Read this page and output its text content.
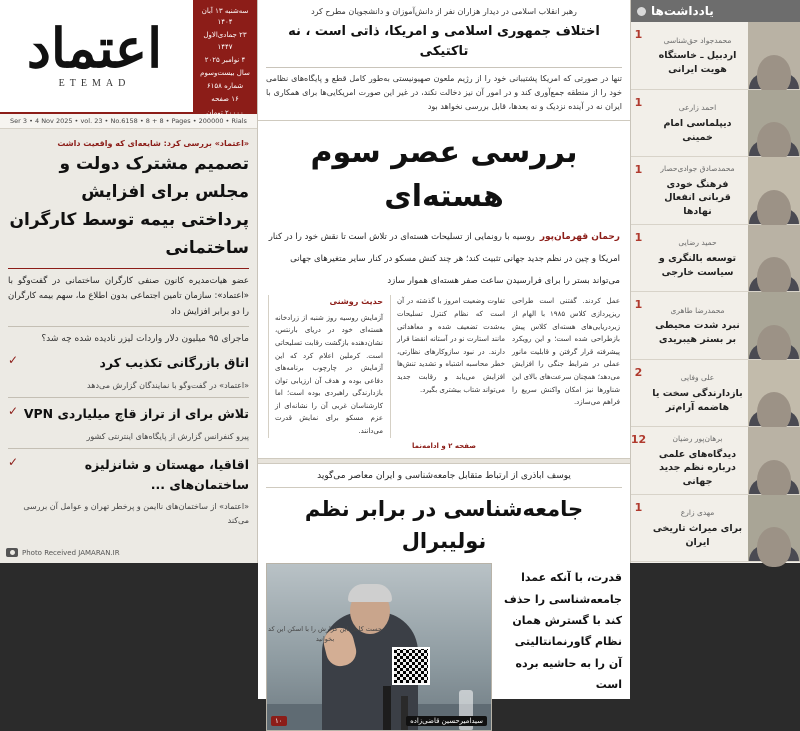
یادداشت‌ها
محمدجواد حق‌شناسی
اردبیل ـ خاستگاه هویت ایرانی
1
احمد زارعی
دیپلماسی امام خمینی
1
محمدصادق جوادی‌حصار
فرهنگ خودی قربانی انفعال نهادها
1
حمید رضایی
توسعه بالنگری و سیاست خارجی
1
محمدرضا طاهری
نبرد شدت محیطی بر بستر هیبریدی
1
علی وفایی
بازدارندگی سخت یا هاضمه آرام‌تر
2
برهان‌پور رضیان
دیدگاه‌های علمی درباره نظم جدید جهانی
12
مهدی زارع
برای میراث تاریخی ایران
1
رهبر انقلاب اسلامی در دیدار هزاران نفر از دانش‌آموزان و دانشجویان مطرح کرد
اختلاف جمهوری اسلامی و امریکا، ذاتی است ، نه تاکتیکی
تنها در صورتی که امریکا پشتیبانی خود را از رژیم ملعون صهیونیستی به‌طور کامل قطع و پایگاه‌های نظامی خود را از منطقه جمع‌آوری کند و در امور آن نیز دخالت نکند، در غیر این صورت امریکایی‌ها برای همکاری با ایران نه در آینده نزدیک و نه بعدها، قابل بررسی نخواهد بود
بررسی عصر سوم هسته‌ای
رحمان قهرمان‌پور روسیه با رونمایی از تسلیحات هسته‌ای در تلاش است تا نقش خود را در کنار امریکا و چین در نظم جدید جهانی تثبیت کند؛ هر چند کنش مسکو در کنار سایر متغیرهای جهانی می‌تواند بستر را برای فرارسیدن ساعت صفر هسته‌ای هموار سازد
حدیث روشنی
آزمایش روسیه روز شنبه از زرادخانه هسته‌ای خود در دریای بارنتس، نشان‌دهنده بازگشت رقابت تسلیحاتی است. کرملین اعلام کرد که این آزمایش در چارچوب برنامه‌های دفاعی بوده و هدف آن ارزیابی توان بازدارندگی راهبردی بوده است؛ اما کارشناسان غربی آن را نشانه‌ای از عزم مسکو برای نمایش قدرت می‌دانند.
تفاوت وضعیت امروز با گذشته در آن است که نظام کنترل تسلیحات به‌شدت تضعیف شده و معاهداتی مانند استارت نو در آستانه انقضا قرار دارند. در نبود سازوکارهای نظارتی، خطر محاسبه اشتباه و تشدید تنش‌ها افزایش می‌یابد و رقابت جدید می‌تواند شتاب بیشتری بگیرد.
عمل کردند. گفتنی است طراحی ریزپردازی کلاس ۱۹۸۵ با الهام از زیردریایی‌های هسته‌ای کلاس پیش بازطراحی شده است؛ و این رویکرد پیشرفته قرار گرفتن و قابلیت مانور عملی در شرایط جنگی را افزایش می‌دهد؛ همچنان سرعت‌های بالای این شناورها نیز امکان واکنش سریع را فراهم می‌سازد.
صفحه ۲ و ادامه‌نما
یوسف اباذری از ارتباط متقابل جامعه‌شناسی و ایران معاصر می‌گوید
جامعه‌شناسی در برابر نظم نولیبرال
سیدامیرحسین قاضی‌زاده
۱۰
قدرت، با آنکه عمدا جامعه‌شناسی را حذف کند با گسترش همان نظام گاورنمانتالیتی آن را به حاشیه برده است
جست کامل این گزارش را با اسکن این کد بخوانید
اعتماد
ETEMAD
سه‌شنبه ۱۳ آبان ۱۴۰۴
۲۳ جمادی‌الاول ۱۴۴۷
۴ نوامبر ۲۰۲۵
سال بیست‌وسوم
شماره ۶۱۵۸
۱۶ صفحه
۲۰۰۰۰ تومان
Ser 3 • 4 Nov 2025 • vol. 23 • No.6158 • 8 + 8 • Pages • 200000 • Rials
«اعتماد» بررسی کرد: شایعه‌ای که واقعیت داشت
تصمیم مشترک دولت و مجلس برای افزایش پرداختی بیمه توسط کارگران ساختمانی
عضو هیات‌مدیره کانون صنفی کارگران ساختمانی در گفت‌وگو با «اعتماد»: سازمان تامین اجتماعی بدون اطلاع ما، سهم بیمه کارگران را دو برابر افزایش داد
ماجرای ۹۵ میلیون دلار واردات لیزر نادیده شده چه شد؟
✓	اتاق بازرگانی تکذیب کرد
«اعتماد» در گفت‌وگو با نمایندگان گزارش می‌دهد
✓ تلاش برای از تراز قاچ میلیاردی VPN
پیرو کنفرانس گزارش از پایگاه‌های اینترنتی کشور
✓	اقاقیا، مهستان و شانزلیزه ساختمان‌های ...
«اعتماد» از ساختمان‌های ناایمن و پرخطر تهران و عوامل آن بررسی می‌کند
Photo Received JAMARAN.IR
